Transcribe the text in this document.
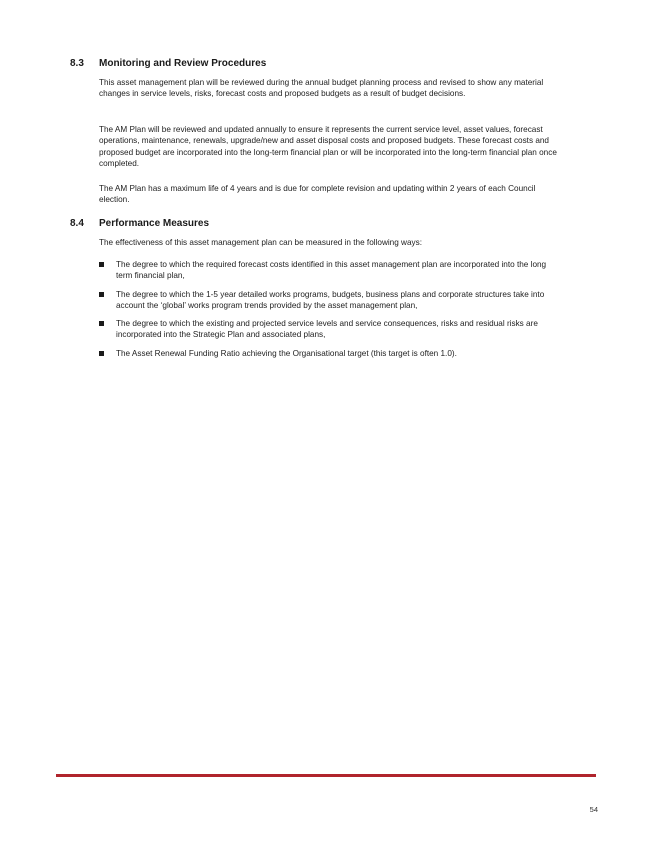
8.3	Monitoring and Review Procedures

This asset management plan will be reviewed during the annual budget planning process and revised to show any material changes in service levels, risks, forecast costs and proposed budgets as a result of budget decisions.

The AM Plan will be reviewed and updated annually to ensure it represents the current service level, asset values, forecast operations, maintenance, renewals, upgrade/new and asset disposal costs and proposed budgets. These forecast costs and proposed budget are incorporated into the long-term financial plan or will be incorporated into the long-term financial plan once completed.

The AM Plan has a maximum life of 4 years and is due for complete revision and updating within 2 years of each Council election.

8.4	Performance Measures

The effectiveness of this asset management plan can be measured in the following ways:

The degree to which the required forecast costs identified in this asset management plan are incorporated into the long term financial plan,
The degree to which the 1-5 year detailed works programs, budgets, business plans and corporate structures take into account the ‘global’ works program trends provided by the asset management plan,
The degree to which the existing and projected service levels and service consequences, risks and residual risks are incorporated into the Strategic Plan and associated plans,
The Asset Renewal Funding Ratio achieving the Organisational target (this target is often 1.0).
54
